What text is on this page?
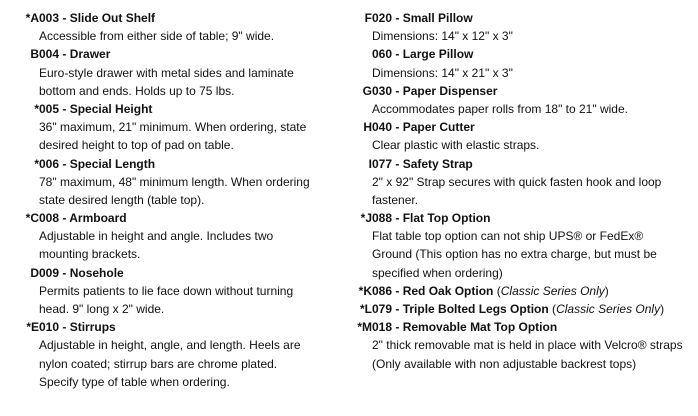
*A 003 - Slide Out Shelf
Accessible from either side of table; 9" wide.
B 004 - Drawer
Euro-style drawer with metal sides and laminate
bottom and ends. Holds up to 75 lbs.
* 005 - Special Height
36" maximum, 21" minimum. When ordering, state
desired height to top of pad on table.
* 006 - Special Length
78" maximum, 48" minimum length. When ordering
state desired length (table top).
*C 008 - Armboard
Adjustable in height and angle. Includes two
mounting brackets.
D 009 - Nosehole
Permits patients to lie face down without turning
head. 9" long x 2" wide.
*E 010 - Stirrups
Adjustable in height, angle, and length. Heels are
nylon coated; stirrup bars are chrome plated.
Specify type of table when ordering.
F 020 - Small Pillow
Dimensions: 14" x 12" x 3"
060 - Large Pillow
Dimensions: 14" x 21" x 3"
G 030 - Paper Dispenser
Accommodates paper rolls from 18" to 21" wide.
H 040 - Paper Cutter
Clear plastic with elastic straps.
I 077 - Safety Strap
2" x 92" Strap secures with quick fasten hook and loop
fastener.
*J 088 - Flat Top Option
Flat table top option can not ship UPS® or FedEx®
Ground (This option has no extra charge, but must be
specified when ordering)
*K 086 - Red Oak Option (Classic Series Only)
*L 079 - Triple Bolted Legs Option (Classic Series Only)
*M 018 - Removable Mat Top Option
2" thick removable mat is held in place with Velcro® straps
(Only available with non adjustable backrest tops)
